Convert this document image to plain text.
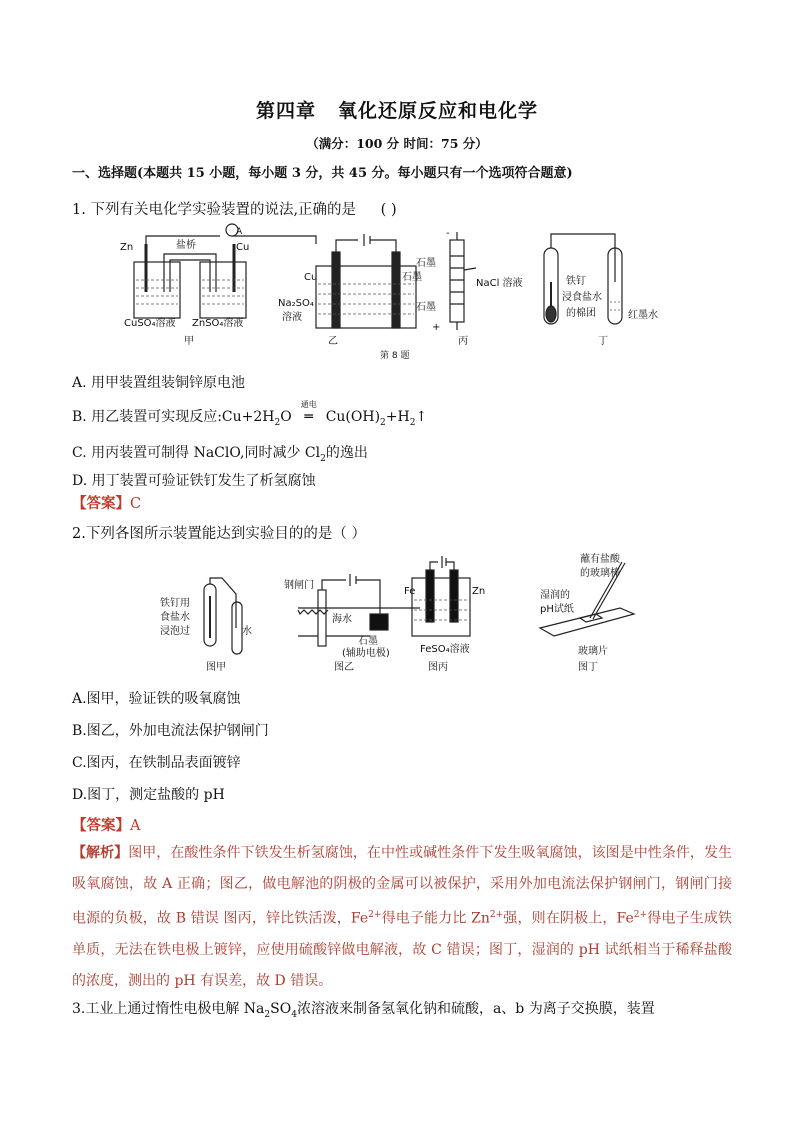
第四章 氧化还原反应和电化学
（满分：100 分 时间：75 分）
一、选择题(本题共 15 小题，每小题 3 分，共 45 分。每小题只有一个选项符合题意)
1. 下列有关电化学实验装置的说法,正确的是 ( )
Zn
A
盐桥	Cu
CuSO₄溶液 ZnSO₄溶液
甲
Cu	石墨
Na₂SO₄
溶液
乙
石墨
石墨
NaCl 溶液
-
+
丙
铁钉
浸食盐水
的棉团	红墨水
丁
第 8 题
A. 用甲装置组装铜锌原电池
B. 用乙装置可实现反应$:Cu+2H_2O$
通电
═ $Cu(OH)_2+H_2↑$
C. 用丙装置可制得 NaClO,同时减少 $Cl_2$的逸出
D. 用丁装置可验证铁钉发生了析氢腐蚀
【答案】C
2.下列各图所示装置能达到实验目的的是（ ）
铁钉用
食盐水
浸泡过	水
图甲
钢闸门
海水
石墨
(辅助电极)
图乙
Fe	Zn
FeSO₄溶液
图丙
蘸有盐酸
的玻璃棒
湿润的
pH试纸
玻璃片
图丁
A.图甲，验证铁的吸氧腐蚀
B.图乙，外加电流法保护钢闸门
C.图丙，在铁制品表面镀锌
D.图丁，测定盐酸的 pH
【答案】A
【解析】图甲，在酸性条件下铁发生析氢腐蚀，在中性或碱性条件下发生吸氧腐蚀，该图是中性条件，发生吸氧腐蚀，故 A 正确；图乙，做电解池的阴极的金属可以被保护，采用外加电流法保护钢闸门，钢闸门接电源的负极，故 B 错误 图丙，锌比铁活泼，$Fe^{2+}$得电子能力比 $Zn^{2+}$强，则在阴极上，$Fe^{2+}$得电子生成铁单质，无法在铁电极上镀锌，应使用硫酸锌做电解液，故 C 错误；图丁，湿润的 pH 试纸相当于稀释盐酸的浓度，测出的 pH 有误差，故 D 错误。
3.工业上通过惰性电极电解 $Na_2SO_4$浓溶液来制备氢氧化钠和硫酸，a、b 为离子交换膜，装置
